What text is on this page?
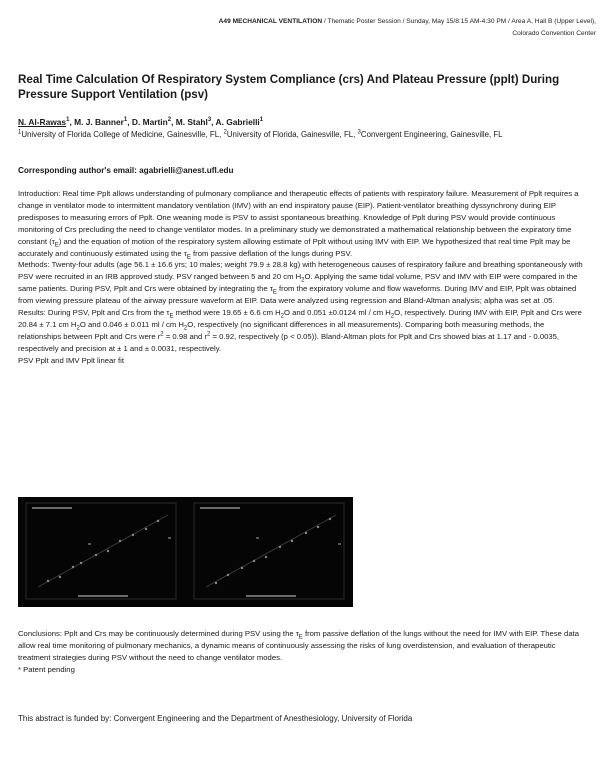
A49 MECHANICAL VENTILATION / Thematic Poster Session / Sunday, May 15/8:15 AM-4:30 PM / Area A, Hall B (Upper Level),
Colorado Convention Center
Real Time Calculation Of Respiratory System Compliance (crs) And Plateau Pressure (pplt) During Pressure Support Ventilation (psv)
N. Al-Rawas$^1$, M. J. Banner$^1$, D. Martin$^2$, M. Stahl$^3$, A. Gabrielli$^1$
$^1$University of Florida College of Medicine, Gainesville, FL, $^2$University of Florida, Gainesville, FL, $^3$Convergent Engineering, Gainesville, FL
Corresponding author's email: agabrielli@anest.ufl.edu

Introduction: Real time Pplt allows understanding of pulmonary compliance and therapeutic effects of patients with respiratory failure. Measurement of Pplt requires a change in ventilator mode to intermittent mandatory ventilation (IMV) with an end inspiratory pause (EIP). Patient-ventilator breathing dyssynchrony during EIP predisposes to measuring errors of Pplt. One weaning mode is PSV to assist spontaneous breathing. Knowledge of Pplt during PSV would provide continuous monitoring of Crs precluding the need to change ventilator modes. In a preliminary study we demonstrated a mathematical relationship between the expiratory time constant $(\tau_E)$ and the equation of motion of the respiratory system allowing estimate of Pplt without using IMV with EIP. We hypothesized that real time Pplt may be accurately and continuously estimated using the $\tau_E$ from passive deflation of the lungs during PSV.

Methods: Twenty-four adults (age 56.1 ± 16.6 yrs; 10 males; weight 79.9 ± 28.8 kg) with heterogeneous causes of respiratory failure and breathing spontaneously with PSV were recruited in an IRB approved study. PSV ranged between 5 and 20 cm $H_2O$. Applying the same tidal volume, PSV and IMV with EIP were compared in the same patients. During PSV, Pplt and Crs were obtained by integrating the $\tau_E$ from the expiratory volume and flow waveforms. During IMV and EIP, Pplt was obtained from viewing pressure plateau of the airway pressure waveform at EIP. Data were analyzed using regression and Bland-Altman analysis; alpha was set at .05.

Results: During PSV, Pplt and Crs from the $\tau_E$ method were 19.65 ± 6.6 cm $H_2O$ and 0.051 ±0.0124 ml / cm $H_2O$, respectively. During IMV with EIP, Pplt and Crs were 20.84 ± 7.1 cm $H_2O$ and 0.046 ± 0.011 ml / cm $H_2O$, respectively (no significant differences in all measurements). Comparing both measuring methods, the relationships between Pplt and Crs were $r^2 = 0.98$ and $r^2 = 0.92$, respectively (p < 0.05)). Bland-Altman plots for Pplt and Crs showed bias at 1.17 and - 0.0035, respectively and precision at ± 1 and ± 0.0031, respectively.

PSV Pplt and IMV Pplt linear fit

Conclusions: Pplt and Crs may be continuously determined during PSV using the $\tau_E$ from passive deflation of the lungs without the need for IMV with EIP. These data allow real time monitoring of pulmonary mechanics, a dynamic means of continuously assessing the risks of lung overdistension, and evaluation of therapeutic treatment strategies during PSV without the need to change ventilator modes.

* Patent pending

This abstract is funded by: Convergent Engineering and the Department of Anesthesiology, University of Florida
